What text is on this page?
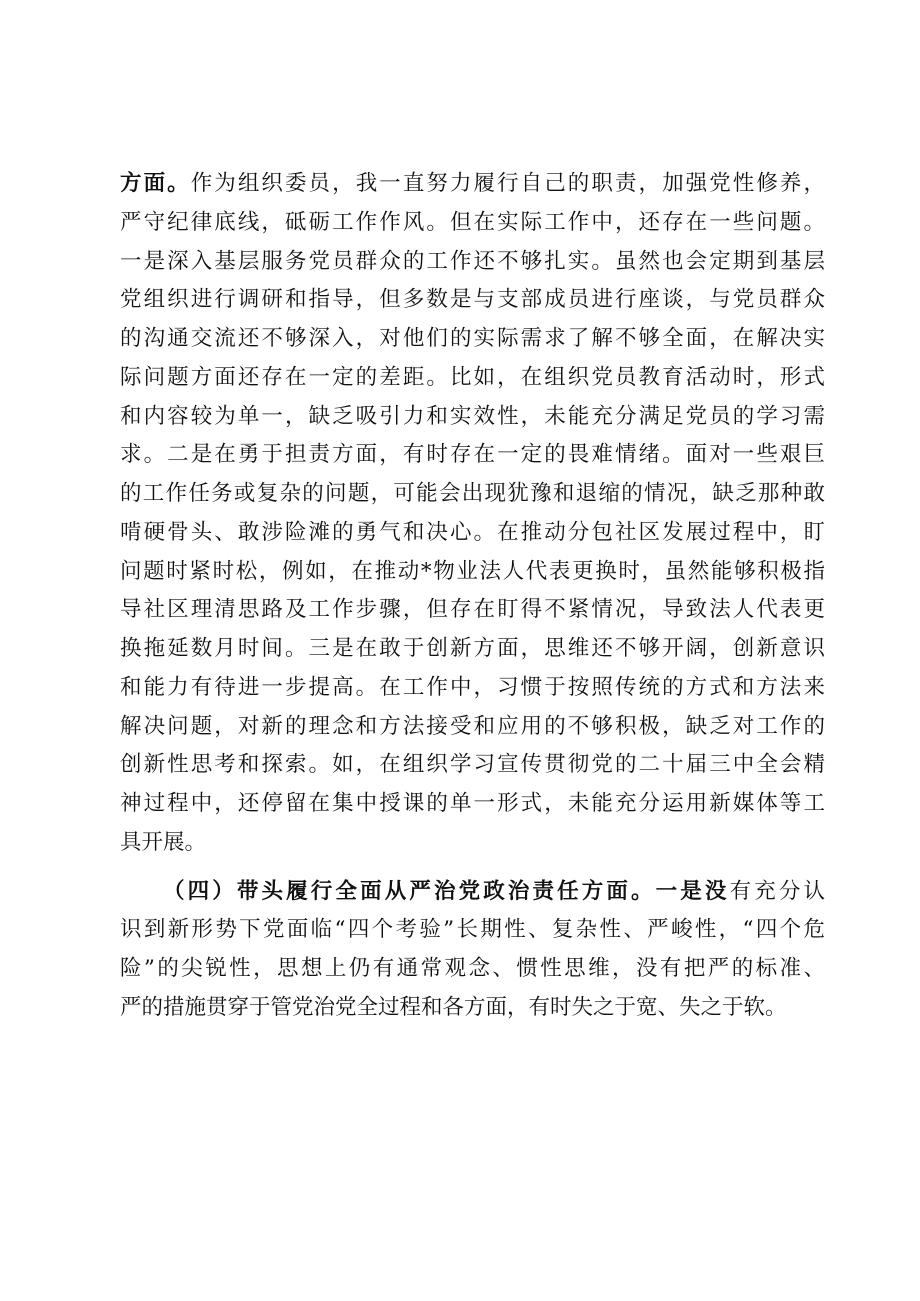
方面。作为组织委员，我一直努力履行自己的职责，加强党性修养，
严守纪律底线，砥砺工作作风。但在实际工作中，还存在一些问题。
一是深入基层服务党员群众的工作还不够扎实。虽然也会定期到基层
党组织进行调研和指导，但多数是与支部成员进行座谈，与党员群众
的沟通交流还不够深入，对他们的实际需求了解不够全面，在解决实
际问题方面还存在一定的差距。比如，在组织党员教育活动时，形式
和内容较为单一，缺乏吸引力和实效性，未能充分满足党员的学习需
求。二是在勇于担责方面，有时存在一定的畏难情绪。面对一些艰巨
的工作任务或复杂的问题，可能会出现犹豫和退缩的情况，缺乏那种敢
啃硬骨头、敢涉险滩的勇气和决心。在推动分包社区发展过程中，盯
问题时紧时松，例如，在推动*物业法人代表更换时，虽然能够积极指
导社区理清思路及工作步骤，但存在盯得不紧情况，导致法人代表更
换拖延数月时间。三是在敢于创新方面，思维还不够开阔，创新意识
和能力有待进一步提高。在工作中，习惯于按照传统的方式和方法来
解决问题，对新的理念和方法接受和应用的不够积极，缺乏对工作的
创新性思考和探索。如，在组织学习宣传贯彻党的二十届三中全会精
神过程中，还停留在集中授课的单一形式，未能充分运用新媒体等工
具开展。
（四）带头履行全面从严治党政治责任方面。一是没有充分认
识到新形势下党面临“四个考验”长期性、复杂性、严峻性，“四个危
险”的尖锐性，思想上仍有通常观念、惯性思维，没有把严的标准、
严的措施贯穿于管党治党全过程和各方面，有时失之于宽、失之于软。
